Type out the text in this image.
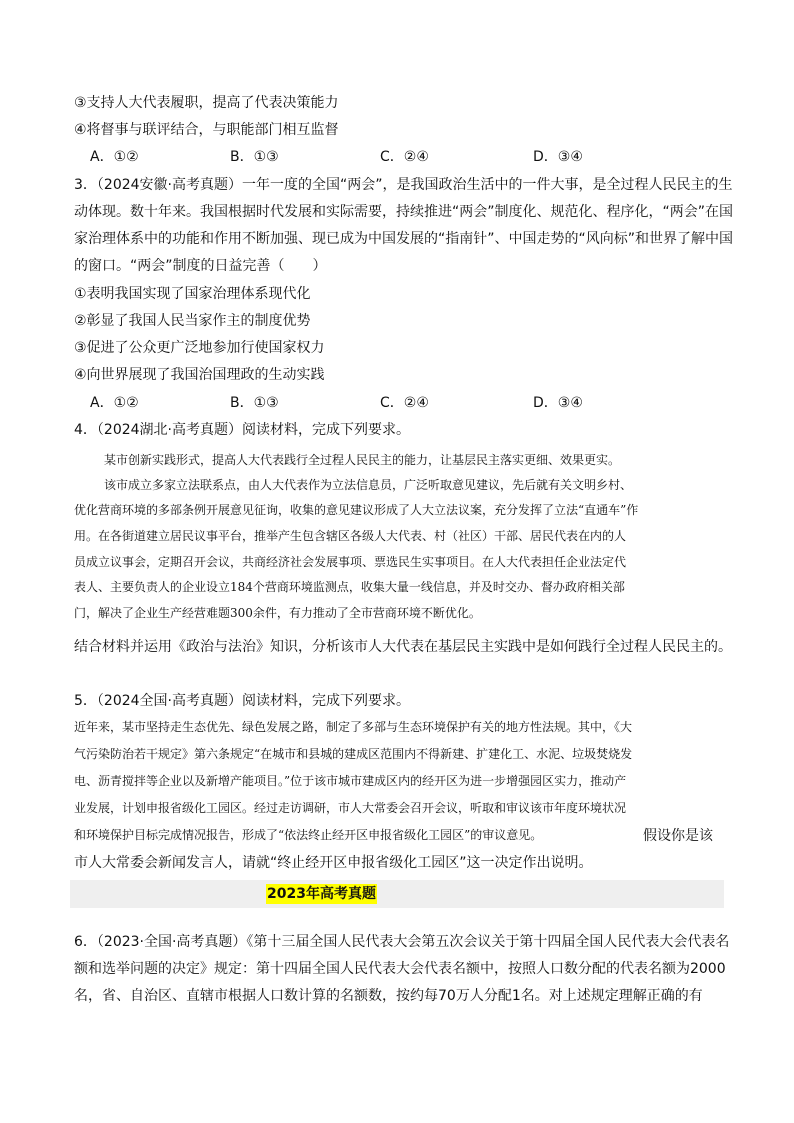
③支持人大代表履职，提高了代表决策能力

④将督事与联评结合，与职能部门相互监督

A．①②	B．①③	C．②④	D．③④

3．（2024安徽·高考真题）一年一度的全国“两会”，是我国政治生活中的一件大事，是全过程人民民主的生

动体现。数十年来。我国根据时代发展和实际需要，持续推进“两会”制度化、规范化、程序化，“两会”在国

家治理体系中的功能和作用不断加强、现已成为中国发展的“指南针”、中国走势的“风向标”和世界了解中国

的窗口。“两会”制度的日益完善（　　）

①表明我国实现了国家治理体系现代化

②彰显了我国人民当家作主的制度优势

③促进了公众更广泛地参加行使国家权力

④向世界展现了我国治国理政的生动实践

A．①②	B．①③	C．②④	D．③④

4．（2024湖北·高考真题）阅读材料，完成下列要求。

某市创新实践形式，提高人大代表践行全过程人民民主的能力，让基层民主落实更细、效果更实。

该市成立多家立法联系点，由人大代表作为立法信息员，广泛听取意见建议，先后就有关文明乡村、

优化营商环境的多部条例开展意见征询，收集的意见建议形成了人大立法议案，充分发挥了立法“直通车”作

用。在各街道建立居民议事平台，推举产生包含辖区各级人大代表、村（社区）干部、居民代表在内的人

员成立议事会，定期召开会议，共商经济社会发展事项、票选民生实事项目。在人大代表担任企业法定代

表人、主要负责人的企业设立184个营商环境监测点，收集大量一线信息，并及时交办、督办政府相关部

门，解决了企业生产经营难题300余件，有力推动了全市营商环境不断优化。

结合材料并运用《政治与法治》知识，分析该市人大代表在基层民主实践中是如何践行全过程人民民主的。

5．（2024全国·高考真题）阅读材料，完成下列要求。

近年来，某市坚持走生态优先、绿色发展之路，制定了多部与生态环境保护有关的地方性法规。其中，《大

气污染防治若干规定》第六条规定“在城市和县城的建成区范围内不得新建、扩建化工、水泥、垃圾焚烧发

电、沥青搅拌等企业以及新增产能项目。”位于该市城市建成区内的经开区为进一步增强园区实力，推动产

业发展，计划申报省级化工园区。经过走访调研，市人大常委会召开会议，听取和审议该市年度环境状况

和环境保护目标完成情况报告，形成了“依法终止经开区申报省级化工园区”的审议意见。	假设你是该

市人大常委会新闻发言人，请就“终止经开区申报省级化工园区”这一决定作出说明。

2023年高考真题

6．（2023·全国·高考真题）《第十三届全国人民代表大会第五次会议关于第十四届全国人民代表大会代表名

额和选举问题的决定》规定：第十四届全国人民代表大会代表名额中，按照人口数分配的代表名额为2000

名，省、自治区、直辖市根据人口数计算的名额数，按约每70万人分配1名。对上述规定理解正确的有
